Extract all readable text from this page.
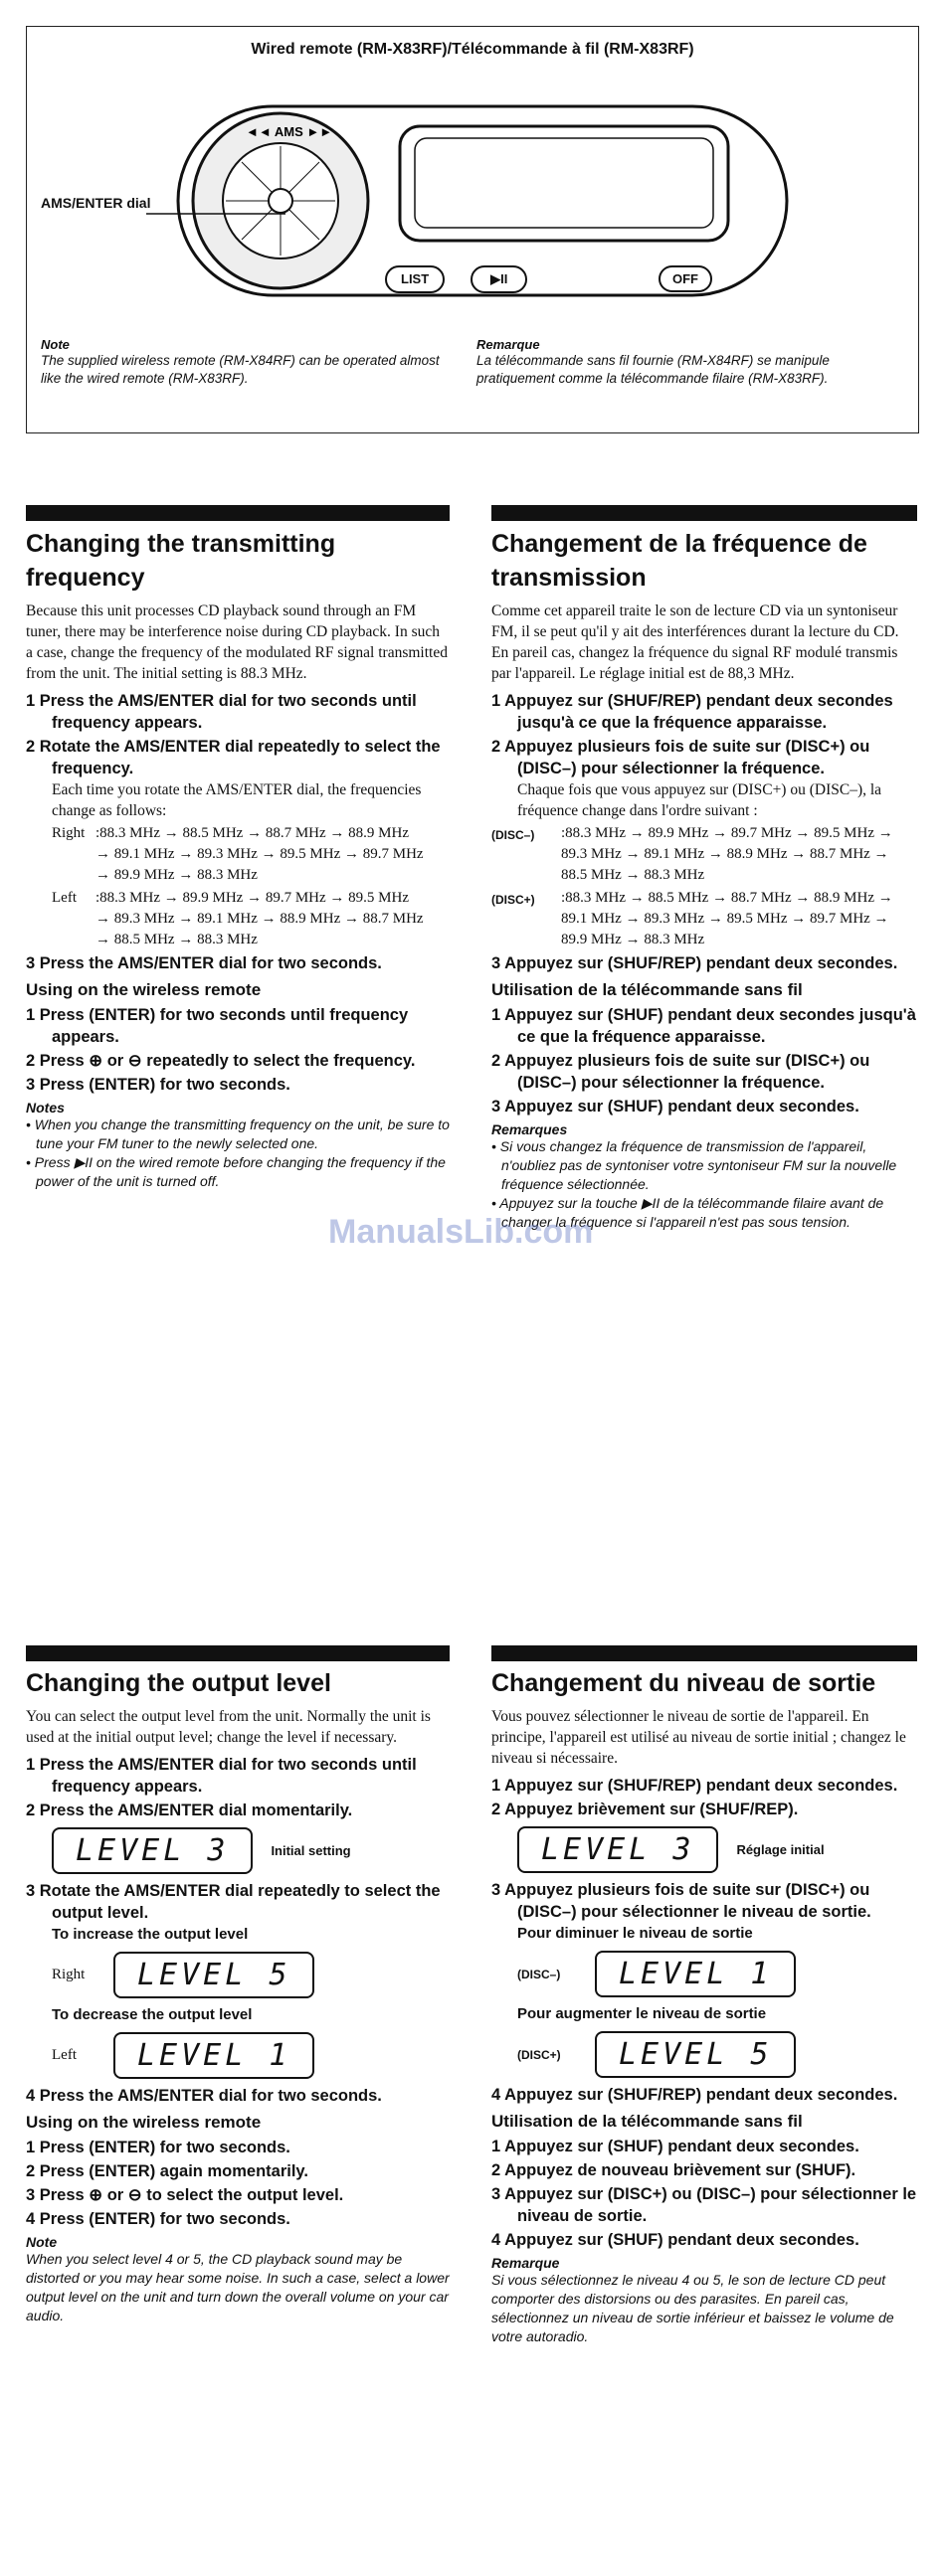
Wired remote (RM-X83RF)/Télécommande à fil (RM-X83RF)
◄◄ AMS ►►
AMS/ENTER dial
LIST	▶II	OFF
Note
The supplied wireless remote (RM-X84RF) can be operated almost like the wired remote (RM-X83RF).
Remarque
La télécommande sans fil fournie (RM-X84RF) se manipule pratiquement comme la télécommande filaire (RM-X83RF).
Changing the transmitting frequency
Changement de la fréquence de transmission

Because this unit processes CD playback sound through an FM tuner, there may be interference noise during CD playback. In such a case, change the frequency of the modulated RF signal transmitted from the unit. The initial setting is 88.3 MHz.

1 Press the AMS/ENTER dial for two seconds until frequency appears.
2 Rotate the AMS/ENTER dial repeatedly to select the frequency.
Each time you rotate the AMS/ENTER dial, the frequencies change as follows:
Right :88.3 MHz → 88.5 MHz → 88.7 MHz → 88.9 MHz → 89.1 MHz → 89.3 MHz → 89.5 MHz → 89.7 MHz → 89.9 MHz → 88.3 MHz
Left	:88.3 MHz → 89.9 MHz → 89.7 MHz → 89.5 MHz → 89.3 MHz → 89.1 MHz → 88.9 MHz → 88.7 MHz → 88.5 MHz → 88.3 MHz
3 Press the AMS/ENTER dial for two seconds.
Using on the wireless remote
1 Press (ENTER) for two seconds until frequency appears.
2 Press ⊕ or ⊖ repeatedly to select the frequency.
3 Press (ENTER) for two seconds.
Notes
• When you change the transmitting frequency on the unit, be sure to tune your FM tuner to the newly selected one.
• Press ▶II on the wired remote before changing the frequency if the power of the unit is turned off.

Comme cet appareil traite le son de lecture CD via un syntoniseur FM, il se peut qu'il y ait des interférences durant la lecture du CD. En pareil cas, changez la fréquence du signal RF modulé transmis par l'appareil. Le réglage initial est de 88,3 MHz.

1 Appuyez sur (SHUF/REP) pendant deux secondes jusqu'à ce que la fréquence apparaisse.
2 Appuyez plusieurs fois de suite sur (DISC+) ou (DISC–) pour sélectionner la fréquence.
Chaque fois que vous appuyez sur (DISC+) ou (DISC–), la fréquence change dans l'ordre suivant :
(DISC–)	:88.3 MHz → 89.9 MHz → 89.7 MHz → 89.5 MHz → 89.3 MHz → 89.1 MHz → 88.9 MHz → 88.7 MHz → 88.5 MHz → 88.3 MHz
(DISC+)	:88.3 MHz → 88.5 MHz → 88.7 MHz → 88.9 MHz → 89.1 MHz → 89.3 MHz → 89.5 MHz → 89.7 MHz → 89.9 MHz → 88.3 MHz
3 Appuyez sur (SHUF/REP) pendant deux secondes.
Utilisation de la télécommande sans fil
1 Appuyez sur (SHUF) pendant deux secondes jusqu'à ce que la fréquence apparaisse.
2 Appuyez plusieurs fois de suite sur (DISC+) ou (DISC–) pour sélectionner la fréquence.
3 Appuyez sur (SHUF) pendant deux secondes.
Remarques
• Si vous changez la fréquence de transmission de l'appareil, n'oubliez pas de syntoniser votre syntoniseur FM sur la nouvelle fréquence sélectionnée.
• Appuyez sur la touche ▶II de la télécommande filaire avant de changer la fréquence si l'appareil n'est pas sous tension.
ManualsLib.com
Changing the output level	Changement du niveau de sortie

You can select the output level from the unit. Normally the unit is used at the initial output level; change the level if necessary.

1 Press the AMS/ENTER dial for two seconds until frequency appears.
2 Press the AMS/ENTER dial momentarily.
LEVEL 3	Initial setting
3 Rotate the AMS/ENTER dial repeatedly to select the output level.
To increase the output level
Right	LEVEL 5
To decrease the output level
Left	LEVEL 1
4 Press the AMS/ENTER dial for two seconds.
Using on the wireless remote
1 Press (ENTER) for two seconds.
2 Press (ENTER) again momentarily.
3 Press ⊕ or ⊖ to select the output level.
4 Press (ENTER) for two seconds.
Note
When you select level 4 or 5, the CD playback sound may be distorted or you may hear some noise. In such a case, select a lower output level on the unit and turn down the overall volume on your car audio.

Vous pouvez sélectionner le niveau de sortie de l'appareil. En principe, l'appareil est utilisé au niveau de sortie initial ; changez le niveau si nécessaire.

1 Appuyez sur (SHUF/REP) pendant deux secondes.
2 Appuyez brièvement sur (SHUF/REP).
LEVEL 3	Réglage initial
3 Appuyez plusieurs fois de suite sur (DISC+) ou (DISC–) pour sélectionner le niveau de sortie.
Pour diminuer le niveau de sortie
(DISC–)	LEVEL 1
Pour augmenter le niveau de sortie
(DISC+)	LEVEL 5
4 Appuyez sur (SHUF/REP) pendant deux secondes.
Utilisation de la télécommande sans fil
1 Appuyez sur (SHUF) pendant deux secondes.
2 Appuyez de nouveau brièvement sur (SHUF).
3 Appuyez sur (DISC+) ou (DISC–) pour sélectionner le niveau de sortie.
4 Appuyez sur (SHUF) pendant deux secondes.
Remarque
Si vous sélectionnez le niveau 4 ou 5, le son de lecture CD peut comporter des distorsions ou des parasites. En pareil cas, sélectionnez un niveau de sortie inférieur et baissez le volume de votre autoradio.
